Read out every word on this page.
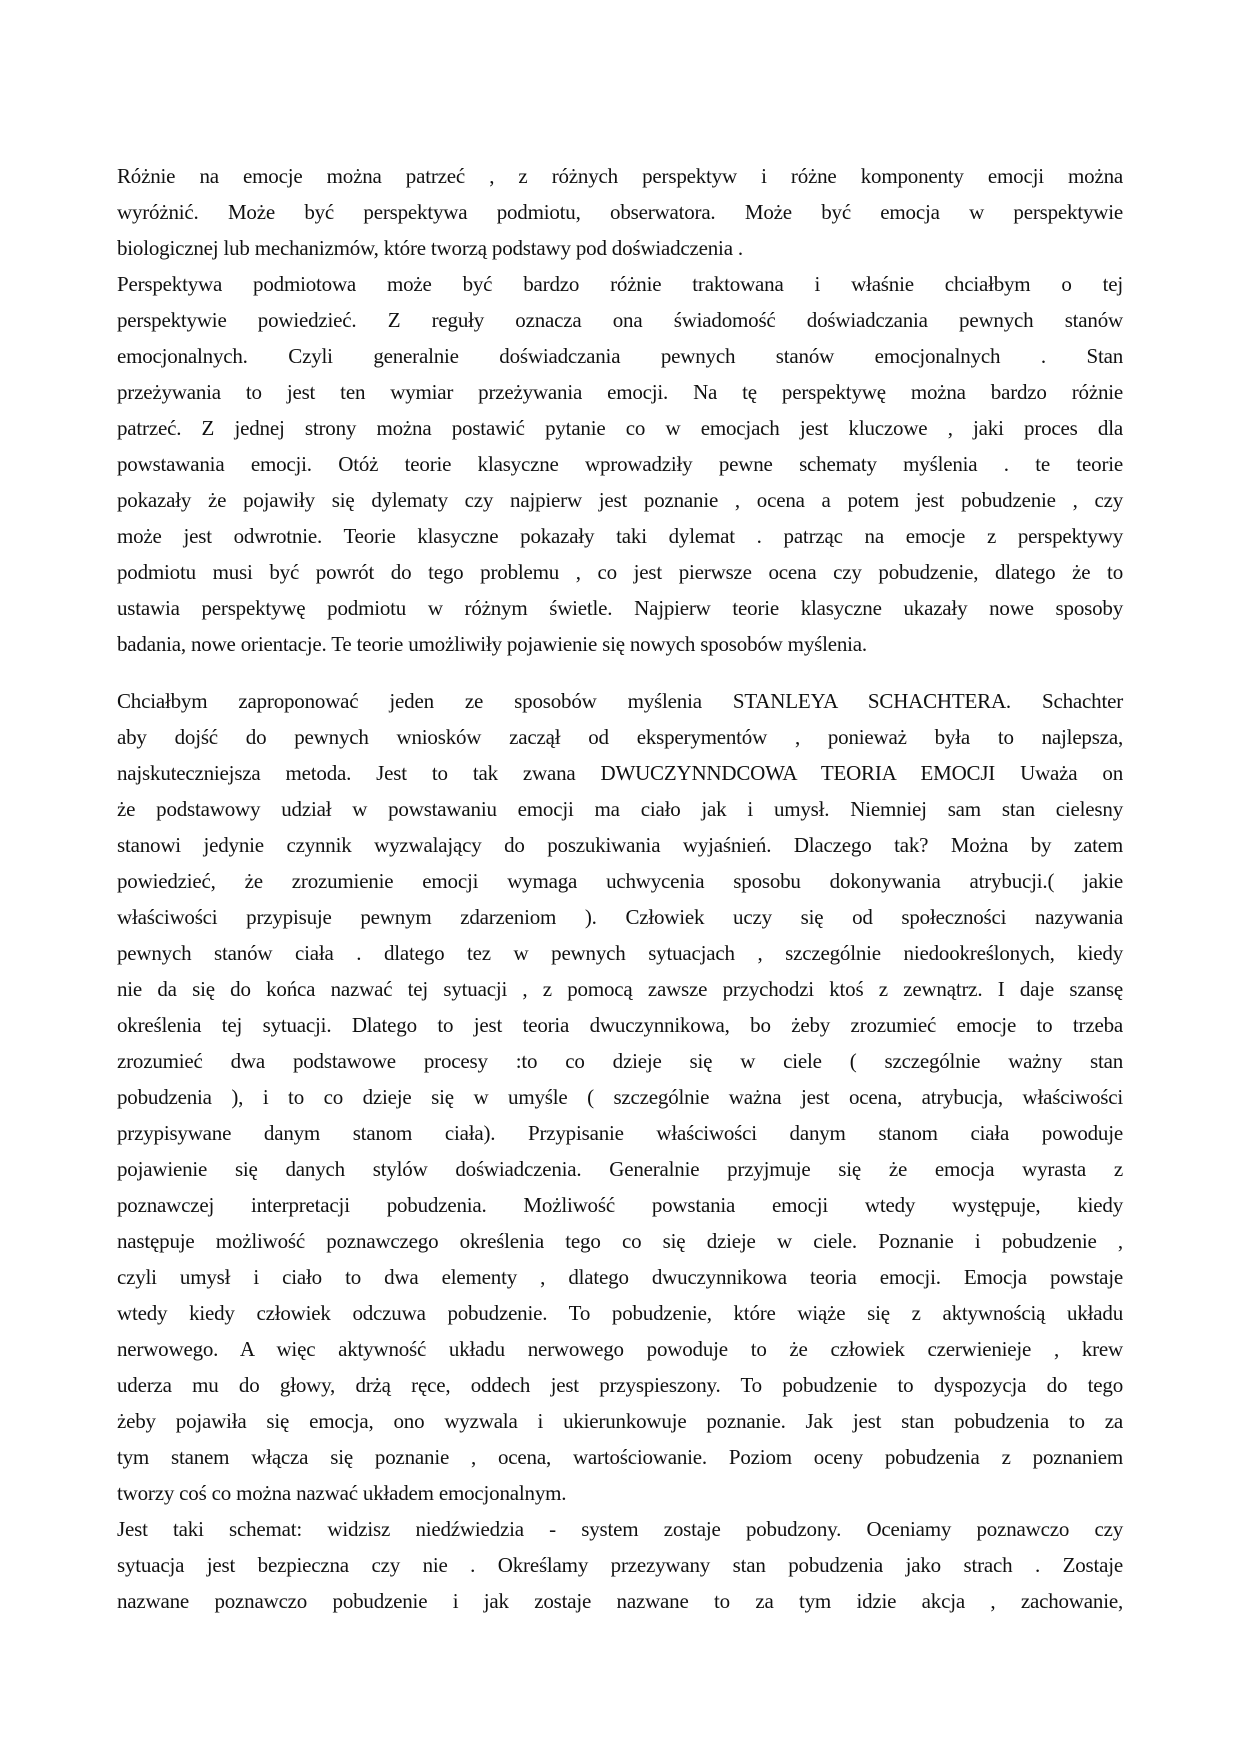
Różnie na emocje można patrzeć , z różnych perspektyw i różne komponenty emocji można
wyróżnić. Może być perspektywa podmiotu, obserwatora. Może być emocja w perspektywie
biologicznej lub mechanizmów, które tworzą podstawy pod doświadczenia .
Perspektywa podmiotowa może być bardzo różnie traktowana i właśnie chciałbym o tej
perspektywie powiedzieć. Z reguły oznacza ona świadomość doświadczania pewnych stanów
emocjonalnych. Czyli generalnie doświadczania pewnych stanów emocjonalnych . Stan
przeżywania to jest ten wymiar przeżywania emocji. Na tę perspektywę można bardzo różnie
patrzeć. Z jednej strony można postawić pytanie co w emocjach jest kluczowe , jaki proces dla
powstawania emocji. Otóż teorie klasyczne wprowadziły pewne schematy myślenia . te teorie
pokazały że pojawiły się dylematy czy najpierw jest poznanie , ocena a potem jest pobudzenie , czy
może jest odwrotnie. Teorie klasyczne pokazały taki dylemat . patrząc na emocje z perspektywy
podmiotu musi być powrót do tego problemu , co jest pierwsze ocena czy pobudzenie, dlatego że to
ustawia perspektywę podmiotu w różnym świetle. Najpierw teorie klasyczne ukazały nowe sposoby
badania, nowe orientacje. Te teorie umożliwiły pojawienie się nowych sposobów myślenia.
Chciałbym zaproponować jeden ze sposobów myślenia STANLEYA SCHACHTERA. Schachter
aby dojść do pewnych wniosków zaczął od eksperymentów , ponieważ była to najlepsza,
najskuteczniejsza metoda. Jest to tak zwana DWUCZYNNDCOWA TEORIA EMOCJI Uważa on
że podstawowy udział w powstawaniu emocji ma ciało jak i umysł. Niemniej sam stan cielesny
stanowi jedynie czynnik wyzwalający do poszukiwania wyjaśnień. Dlaczego tak? Można by zatem
powiedzieć, że zrozumienie emocji wymaga uchwycenia sposobu dokonywania atrybucji.( jakie
właściwości przypisuje pewnym zdarzeniom ). Człowiek uczy się od społeczności nazywania
pewnych stanów ciała . dlatego tez w pewnych sytuacjach , szczególnie niedookreślonych, kiedy
nie da się do końca nazwać tej sytuacji , z pomocą zawsze przychodzi ktoś z zewnątrz. I daje szansę
określenia tej sytuacji. Dlatego to jest teoria dwuczynnikowa, bo żeby zrozumieć emocje to trzeba
zrozumieć dwa podstawowe procesy :to co dzieje się w ciele ( szczególnie ważny stan
pobudzenia ), i to co dzieje się w umyśle ( szczególnie ważna jest ocena, atrybucja, właściwości
przypisywane danym stanom ciała). Przypisanie właściwości danym stanom ciała powoduje
pojawienie się danych stylów doświadczenia. Generalnie przyjmuje się że emocja wyrasta z
poznawczej interpretacji pobudzenia. Możliwość powstania emocji wtedy występuje, kiedy
następuje możliwość poznawczego określenia tego co się dzieje w ciele. Poznanie i pobudzenie ,
czyli umysł i ciało to dwa elementy , dlatego dwuczynnikowa teoria emocji. Emocja powstaje
wtedy kiedy człowiek odczuwa pobudzenie. To pobudzenie, które wiąże się z aktywnością układu
nerwowego. A więc aktywność układu nerwowego powoduje to że człowiek czerwienieje , krew
uderza mu do głowy, drżą ręce, oddech jest przyspieszony. To pobudzenie to dyspozycja do tego
żeby pojawiła się emocja, ono wyzwala i ukierunkowuje poznanie. Jak jest stan pobudzenia to za
tym stanem włącza się poznanie , ocena, wartościowanie. Poziom oceny pobudzenia z poznaniem
tworzy coś co można nazwać układem emocjonalnym.
Jest taki schemat: widzisz niedźwiedzia - system zostaje pobudzony. Oceniamy poznawczo czy
sytuacja jest bezpieczna czy nie . Określamy przezywany stan pobudzenia jako strach . Zostaje
nazwane poznawczo pobudzenie i jak zostaje nazwane to za tym idzie akcja , zachowanie,
